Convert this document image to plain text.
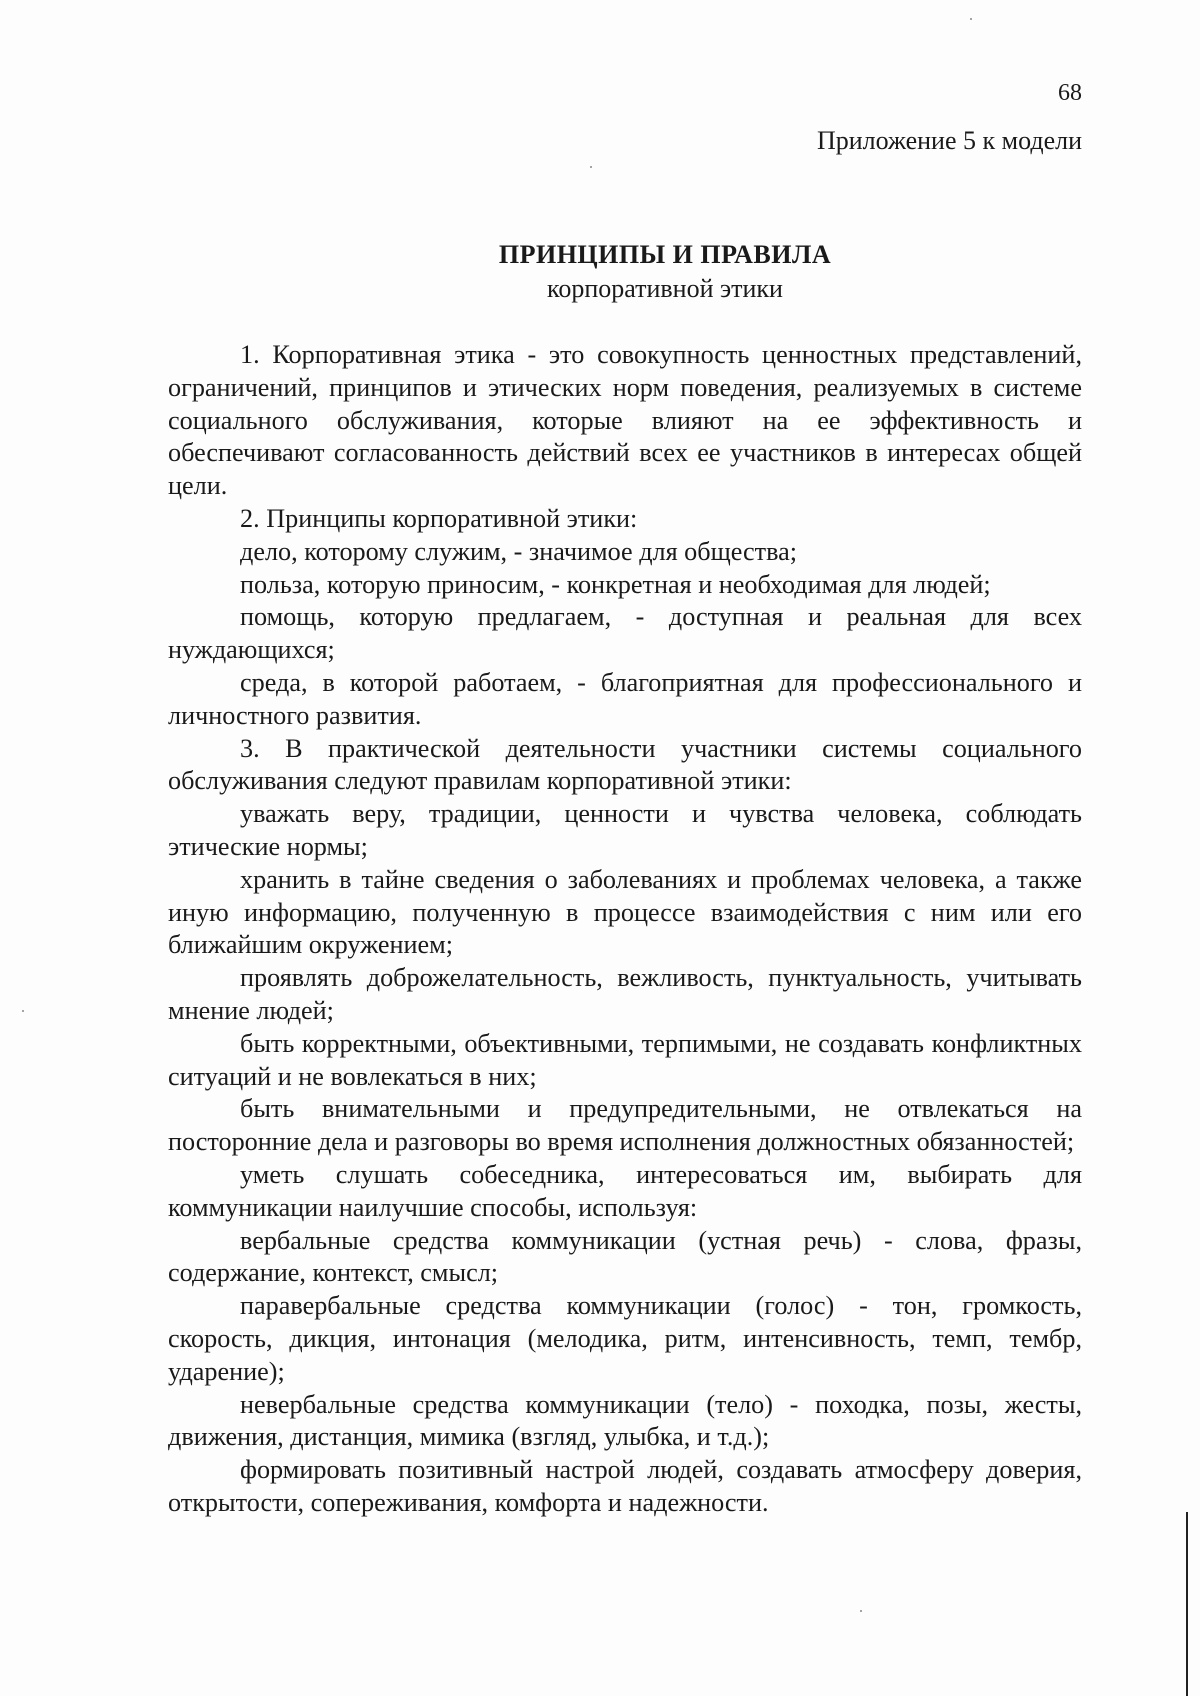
68
Приложение 5 к модели
ПРИНЦИПЫ И ПРАВИЛА
корпоративной этики

1. Корпоративная этика - это совокупность ценностных представлений, ограничений, принципов и этических норм поведения, реализуемых в системе социального обслуживания, которые влияют на ее эффективность и обеспечивают согласованность действий всех ее участников в интересах общей цели.

2. Принципы корпоративной этики:

дело, которому служим, - значимое для общества;

польза, которую приносим, - конкретная и необходимая для людей;

помощь, которую предлагаем, - доступная и реальная для всех нуждающихся;

среда, в которой работаем, - благоприятная для профессионального и личностного развития.

3. В практической деятельности участники системы социального обслуживания следуют правилам корпоративной этики:

уважать веру, традиции, ценности и чувства человека, соблюдать этические нормы;

хранить в тайне сведения о заболеваниях и проблемах человека, а также иную информацию, полученную в процессе взаимодействия с ним или его ближайшим окружением;

проявлять доброжелательность, вежливость, пунктуальность, учитывать мнение людей;

быть корректными, объективными, терпимыми, не создавать конфликтных ситуаций и не вовлекаться в них;

быть внимательными и предупредительными, не отвлекаться на посторонние дела и разговоры во время исполнения должностных обязанностей;

уметь слушать собеседника, интересоваться им, выбирать для коммуникации наилучшие способы, используя:

вербальные средства коммуникации (устная речь) - слова, фразы, содержание, контекст, смысл;

паравербальные средства коммуникации (голос) - тон, громкость, скорость, дикция, интонация (мелодика, ритм, интенсивность, темп, тембр, ударение);

невербальные средства коммуникации (тело) - походка, позы, жесты, движения, дистанция, мимика (взгляд, улыбка, и т.д.);

формировать позитивный настрой людей, создавать атмосферу доверия, открытости, сопереживания, комфорта и надежности.
